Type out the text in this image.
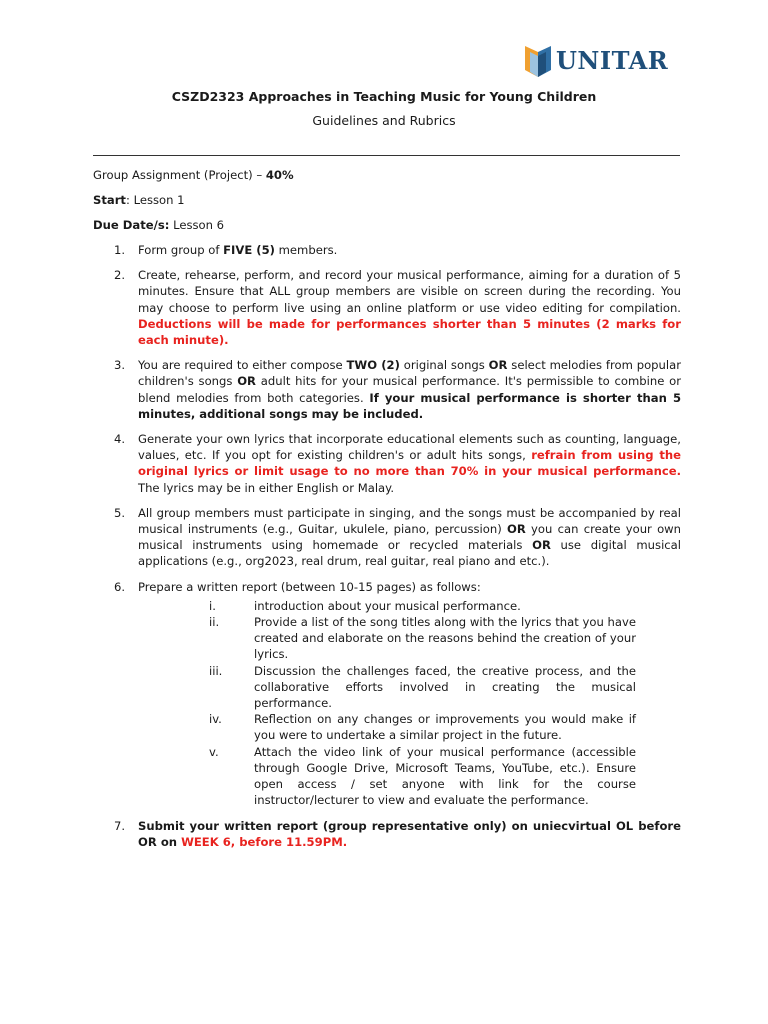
UNITAR
CSZD2323 Approaches in Teaching Music for Young Children
Guidelines and Rubrics
Group Assignment (Project) – 40%
Start: Lesson 1
Due Date/s: Lesson 6
1. Form group of FIVE (5) members.
2. Create, rehearse, perform, and record your musical performance, aiming for a duration of 5 minutes. Ensure that ALL group members are visible on screen during the recording. You may choose to perform live using an online platform or use video editing for compilation. Deductions will be made for performances shorter than 5 minutes (2 marks for each minute).
3. You are required to either compose TWO (2) original songs OR select melodies from popular children's songs OR adult hits for your musical performance. It's permissible to combine or blend melodies from both categories. If your musical performance is shorter than 5 minutes, additional songs may be included.
4. Generate your own lyrics that incorporate educational elements such as counting, language, values, etc. If you opt for existing children's or adult hits songs, refrain from using the original lyrics or limit usage to no more than 70% in your musical performance. The lyrics may be in either English or Malay.
5. All group members must participate in singing, and the songs must be accompanied by real musical instruments (e.g., Guitar, ukulele, piano, percussion) OR you can create your own musical instruments using homemade or recycled materials OR use digital musical applications (e.g., org2023, real drum, real guitar, real piano and etc.).
6. Prepare a written report (between 10-15 pages) as follows:
i.	introduction about your musical performance.
ii.	Provide a list of the song titles along with the lyrics that you have created and elaborate on the reasons behind the creation of your lyrics.
iii.	Discussion the challenges faced, the creative process, and the collaborative efforts involved in creating the musical performance.
iv.	Reflection on any changes or improvements you would make if you were to undertake a similar project in the future.
v.	Attach the video link of your musical performance (accessible through Google Drive, Microsoft Teams, YouTube, etc.). Ensure open access / set anyone with link for the course instructor/lecturer to view and evaluate the performance.
7. Submit your written report (group representative only) on uniecvirtual OL before OR on WEEK 6, before 11.59PM.
